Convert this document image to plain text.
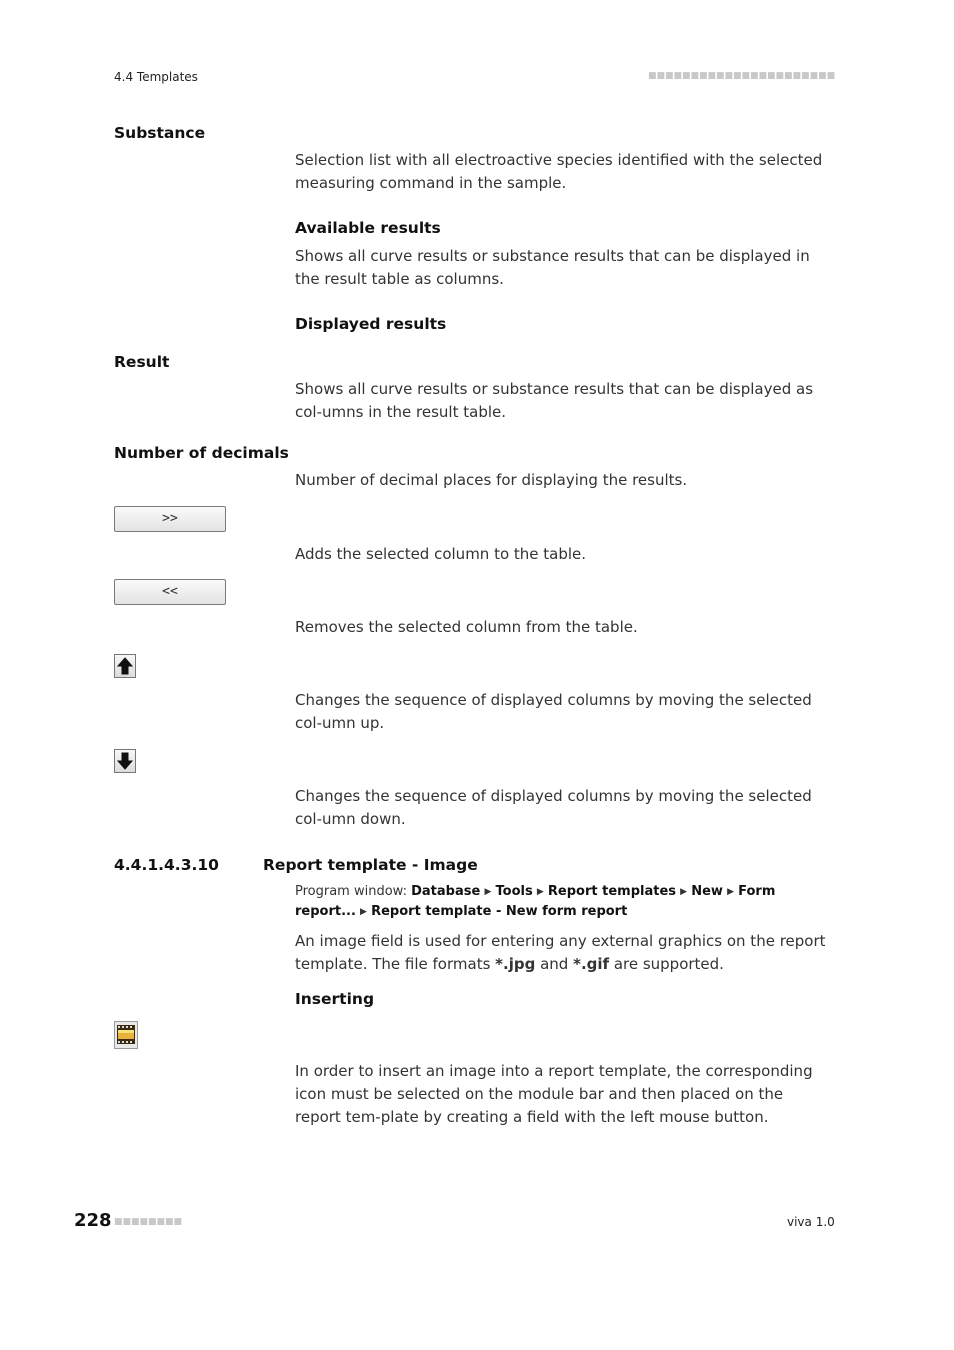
4.4 Templates	■■■■■■■■■■■■■■■■■■■■■■
Substance
Selection list with all electroactive species identified with the selected measuring command in the sample.
Available results
Shows all curve results or substance results that can be displayed in the result table as columns.
Displayed results
Result
Shows all curve results or substance results that can be displayed as col-umns in the result table.
Number of decimals
Number of decimal places for displaying the results.
>>
Adds the selected column to the table.
<<
Removes the selected column from the table.
Changes the sequence of displayed columns by moving the selected col-umn up.
Changes the sequence of displayed columns by moving the selected col-umn down.
4.4.1.4.3.10	Report template - Image
Program window: Database ▶ Tools ▶ Report templates ▶ New ▶ Form report... ▶ Report template - New form report
An image field is used for entering any external graphics on the report template. The file formats *.jpg and *.gif are supported.
Inserting
In order to insert an image into a report template, the corresponding icon must be selected on the module bar and then placed on the report tem-plate by creating a field with the left mouse button.
228 ■■■■■■■■	viva 1.0
